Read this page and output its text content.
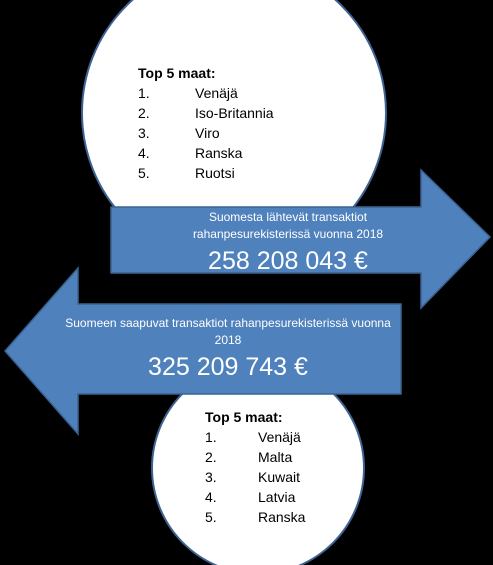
Top 5 maat:
1.	Venäjä
2.	Iso-Britannia
3.	Viro
4.	Ranska
5.	Ruotsi
Suomesta lähtevät transaktiot rahanpesurekisterissä vuonna 2018
258 208 043 €
Suomeen saapuvat transaktiot rahanpesurekisterissä vuonna 2018
325 209 743 €
Top 5 maat:
1.	Venäjä
2.	Malta
3.	Kuwait
4.	Latvia
5.	Ranska
